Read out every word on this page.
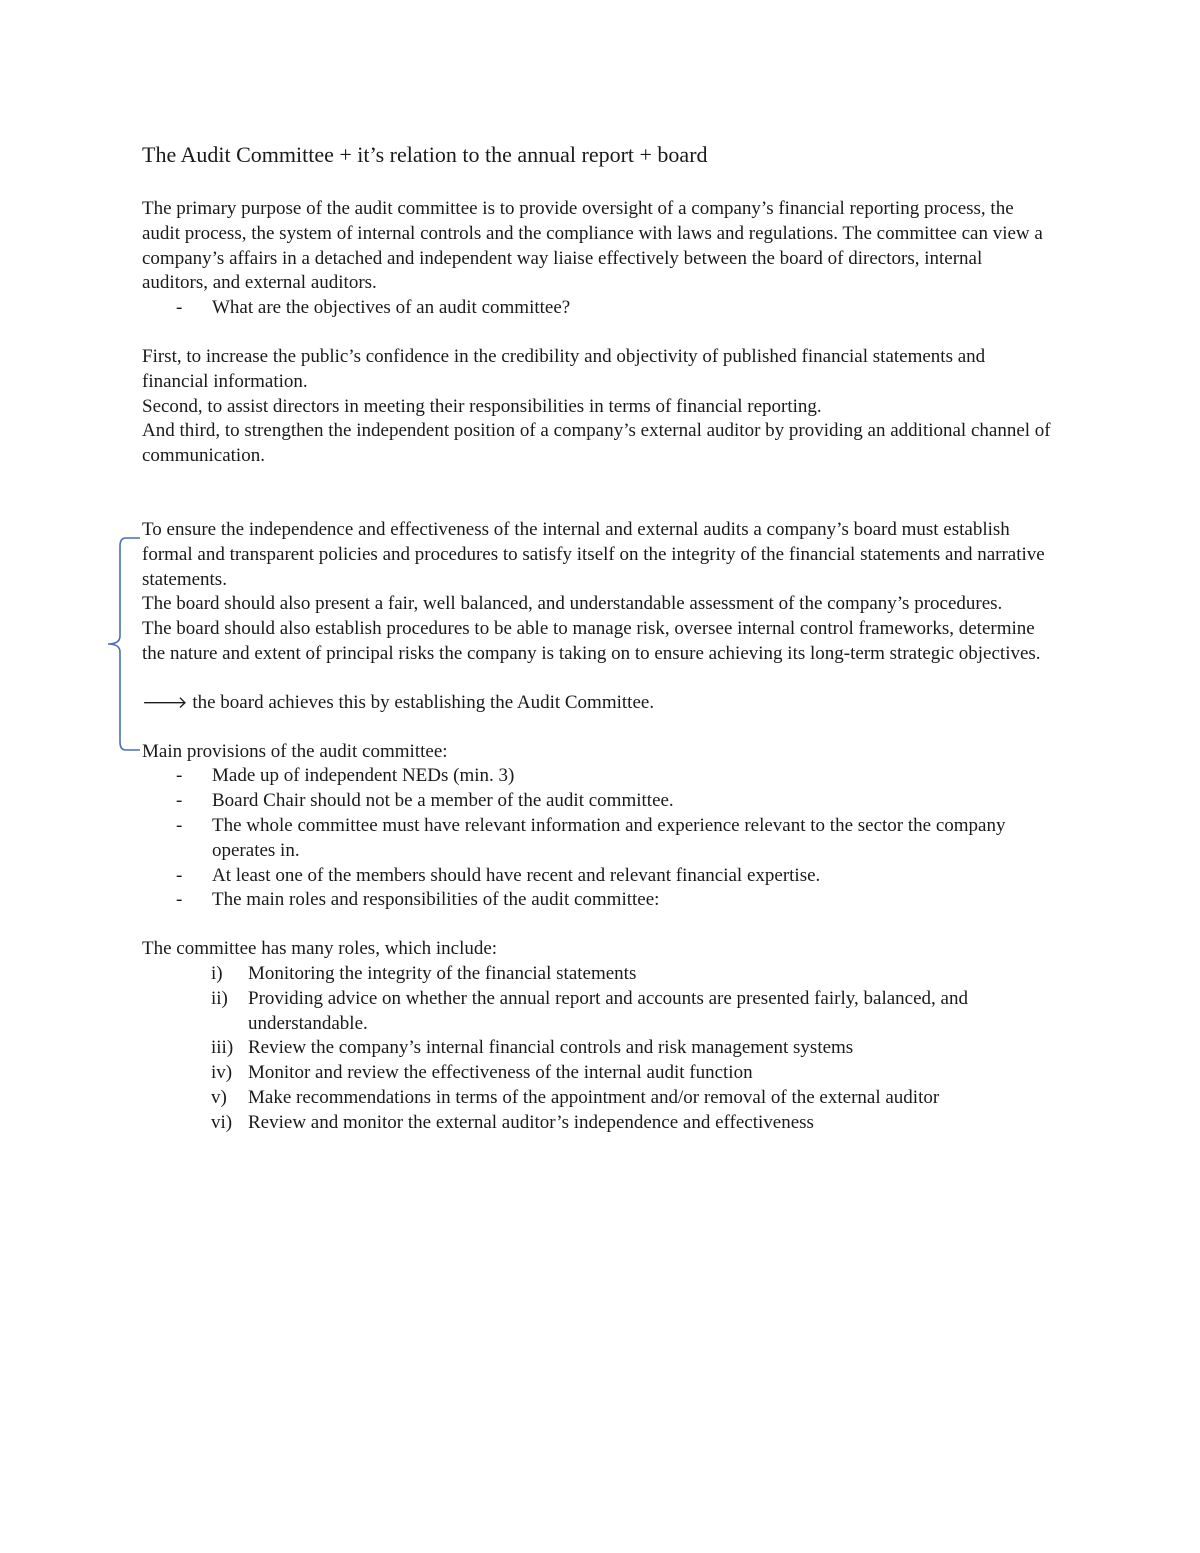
The Audit Committee + it’s relation to the annual report + board

The primary purpose of the audit committee is to provide oversight of a company’s financial reporting process, the audit process, the system of internal controls and the compliance with laws and regulations. The committee can view a company’s affairs in a detached and independent way liaise effectively between the board of directors, internal auditors, and external auditors.

- What are the objectives of an audit committee?

First, to increase the public’s confidence in the credibility and objectivity of published financial statements and financial information.

Second, to assist directors in meeting their responsibilities in terms of financial reporting.

And third, to strengthen the independent position of a company’s external auditor by providing an additional channel of communication.

To ensure the independence and effectiveness of the internal and external audits a company’s board must establish formal and transparent policies and procedures to satisfy itself on the integrity of the financial statements and narrative statements.

The board should also present a fair, well balanced, and understandable assessment of the company’s procedures.

The board should also establish procedures to be able to manage risk, oversee internal control frameworks, determine the nature and extent of principal risks the company is taking on to ensure achieving its long-term strategic objectives.

🡒 the board achieves this by establishing the Audit Committee.

Main provisions of the audit committee:

- Made up of independent NEDs (min. 3)
- Board Chair should not be a member of the audit committee.
- The whole committee must have relevant information and experience relevant to the sector the company operates in.
- At least one of the members should have recent and relevant financial expertise.
- The main roles and responsibilities of the audit committee:

The committee has many roles, which include:

i) Monitoring the integrity of the financial statements
ii) Providing advice on whether the annual report and accounts are presented fairly, balanced, and understandable.
iii) Review the company’s internal financial controls and risk management systems
iv) Monitor and review the effectiveness of the internal audit function
v) Make recommendations in terms of the appointment and/or removal of the external auditor
vi) Review and monitor the external auditor’s independence and effectiveness
